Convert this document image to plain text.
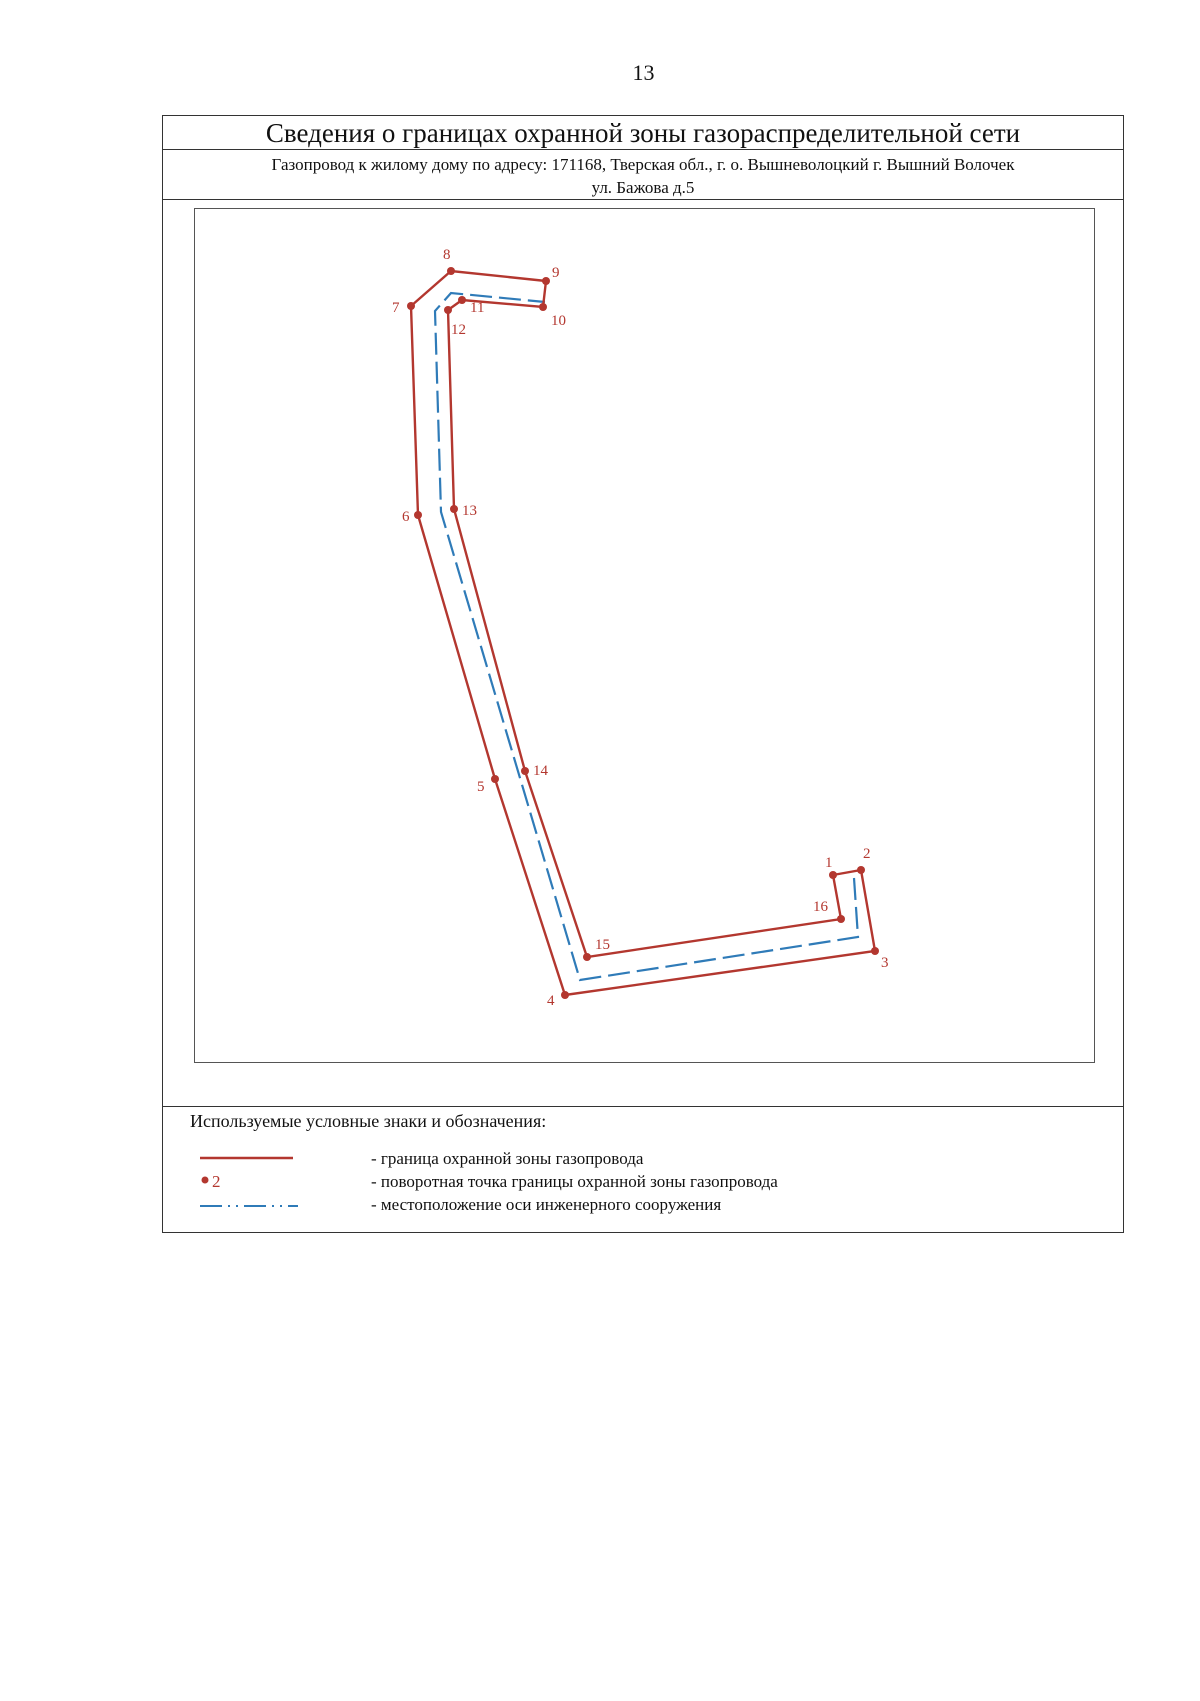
13
Сведения о границах охранной зоны газораспределительной сети
Газопровод к жилому дому по адресу: 171168, Тверская обл., г. о. Вышневолоцкий г. Вышний Волочек
ул. Бажова д.5
1
2
3
4
5
6
7
8
9
10
11
12
13
14
15
16
Используемые условные знаки и обозначения:
- граница охранной зоны газопровода
2	- поворотная точка границы охранной зоны газопровода
- местоположение оси инженерного сооружения
